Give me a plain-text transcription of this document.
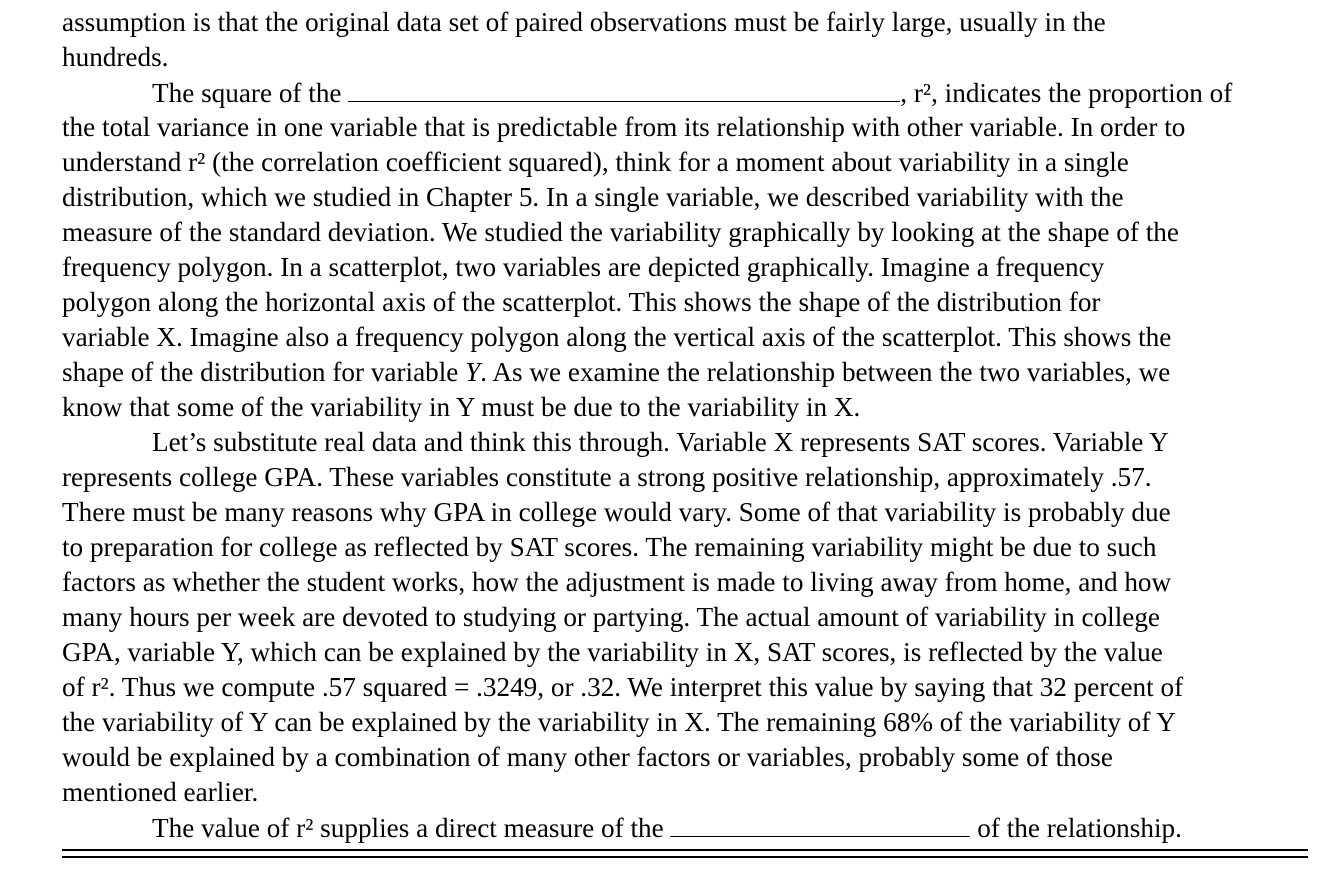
assumption is that the original data set of paired observations must be fairly large, usually in the
hundreds.
The square of the	, r², indicates the proportion of
the total variance in one variable that is predictable from its relationship with other variable. In order to
understand r² (the correlation coefficient squared), think for a moment about variability in a single
distribution, which we studied in Chapter 5. In a single variable, we described variability with the
measure of the standard deviation. We studied the variability graphically by looking at the shape of the
frequency polygon. In a scatterplot, two variables are depicted graphically. Imagine a frequency
polygon along the horizontal axis of the scatterplot. This shows the shape of the distribution for
variable X. Imagine also a frequency polygon along the vertical axis of the scatterplot. This shows the
shape of the distribution for variable Y. As we examine the relationship between the two variables, we
know that some of the variability in Y must be due to the variability in X.
Let’s substitute real data and think this through. Variable X represents SAT scores. Variable Y
represents college GPA. These variables constitute a strong positive relationship, approximately .57.
There must be many reasons why GPA in college would vary. Some of that variability is probably due
to preparation for college as reflected by SAT scores. The remaining variability might be due to such
factors as whether the student works, how the adjustment is made to living away from home, and how
many hours per week are devoted to studying or partying. The actual amount of variability in college
GPA, variable Y, which can be explained by the variability in X, SAT scores, is reflected by the value
of r². Thus we compute .57 squared = .3249, or .32. We interpret this value by saying that 32 percent of
the variability of Y can be explained by the variability in X. The remaining 68% of the variability of Y
would be explained by a combination of many other factors or variables, probably some of those
mentioned earlier.
The value of r² supplies a direct measure of the	of the relationship.
